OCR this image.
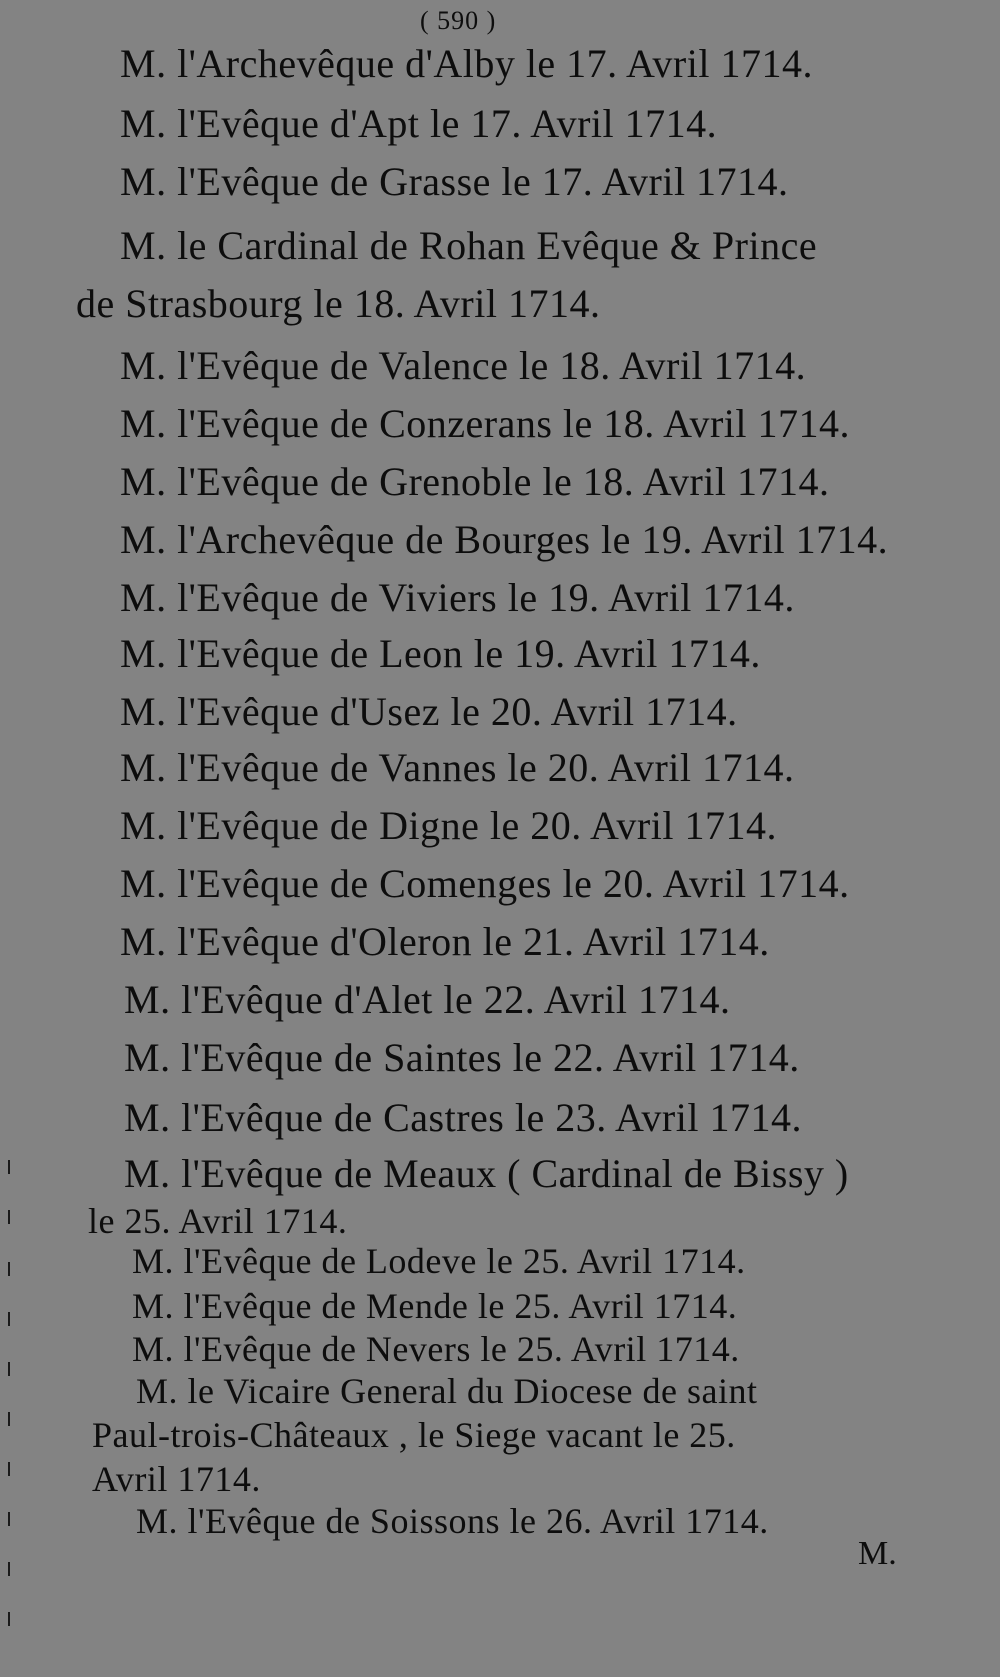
( 590 )
M. l'Archevêque d'Alby le 17. Avril 1714.
M. l'Evêque d'Apt le 17. Avril 1714.
M. l'Evêque de Grasse le 17. Avril 1714.
M. le Cardinal de Rohan Evêque & Prince
de Strasbourg le 18. Avril 1714.
M. l'Evêque de Valence le 18. Avril 1714.
M. l'Evêque de Conzerans le 18. Avril 1714.
M. l'Evêque de Grenoble le 18. Avril 1714.
M. l'Archevêque de Bourges le 19. Avril 1714.
M. l'Evêque de Viviers le 19. Avril 1714.
M. l'Evêque de Leon le 19. Avril 1714.
M. l'Evêque d'Usez le 20. Avril 1714.
M. l'Evêque de Vannes le 20. Avril 1714.
M. l'Evêque de Digne le 20. Avril 1714.
M. l'Evêque de Comenges le 20. Avril 1714.
M. l'Evêque d'Oleron le 21. Avril 1714.
M. l'Evêque d'Alet le 22. Avril 1714.
M. l'Evêque de Saintes le 22. Avril 1714.
M. l'Evêque de Castres le 23. Avril 1714.
M. l'Evêque de Meaux ( Cardinal de Bissy )
le 25. Avril 1714.
M. l'Evêque de Lodeve le 25. Avril 1714.
M. l'Evêque de Mende le 25. Avril 1714.
M. l'Evêque de Nevers le 25. Avril 1714.
M. le Vicaire General du Diocese de saint
Paul-trois-Châteaux , le Siege vacant le 25.
Avril 1714.
M. l'Evêque de Soissons le 26. Avril 1714.
M.
